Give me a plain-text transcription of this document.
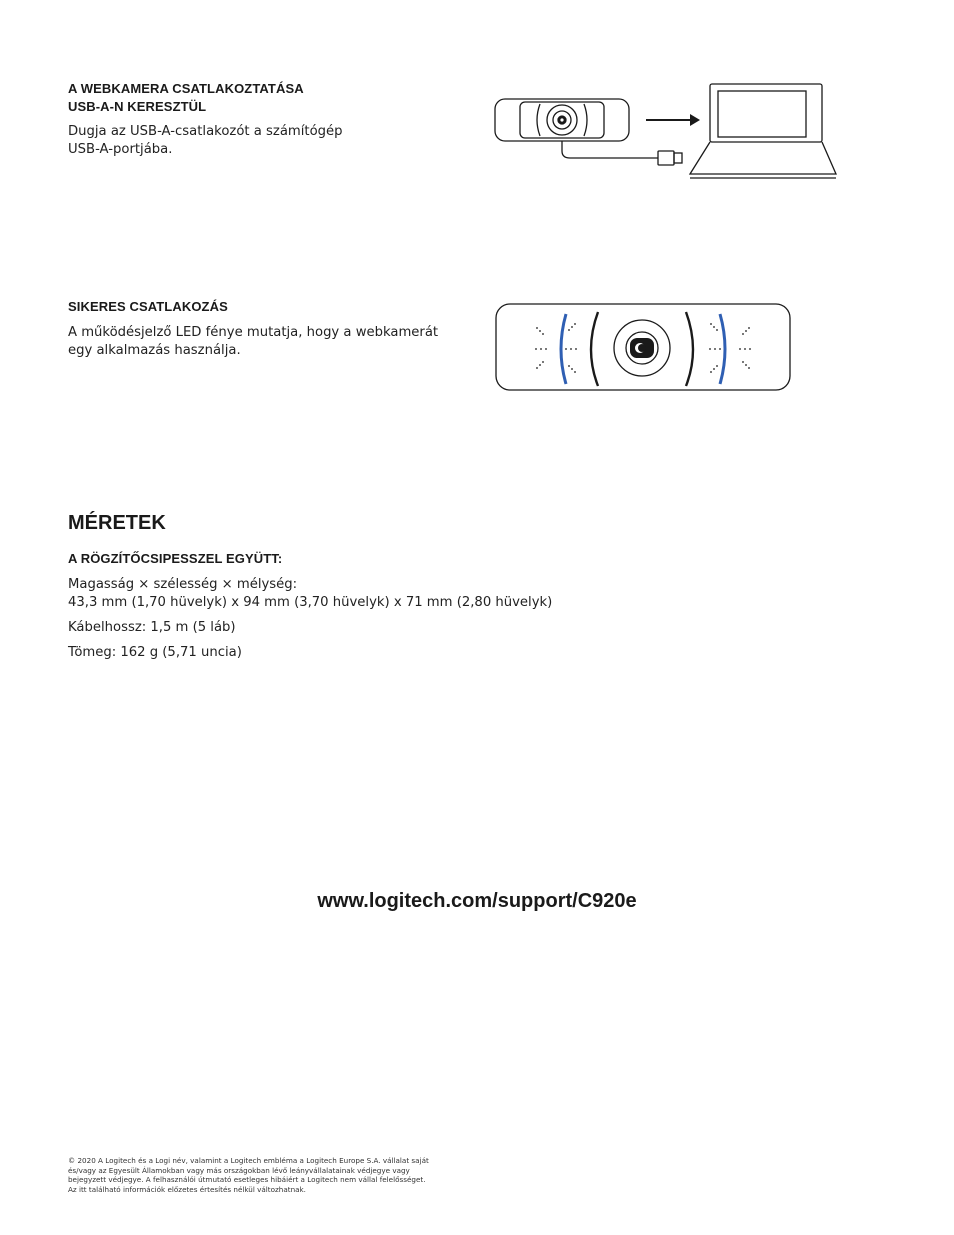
A WEBKAMERA CSATLAKOZTATÁSA

USB-A-N KERESZTÜL

Dugja az USB-A-csatlakozót a számítógép

USB-A-portjába.

SIKERES CSATLAKOZÁS

A működésjelző LED fénye mutatja, hogy a webkamerát

egy alkalmazás használja.

MÉRETEK

A RÖGZÍTŐCSIPESSZEL EGYÜTT:

Magasság × szélesség × mélység:

43,3 mm (1,70 hüvelyk) x 94 mm (3,70 hüvelyk) x 71 mm (2,80 hüvelyk)

Kábelhossz: 1,5 m (5 láb)

Tömeg: 162 g (5,71 uncia)

www.logitech.com/support/C920e
© 2020 A Logitech és a Logi név, valamint a Logitech embléma a Logitech Europe S.A. vállalat saját
és/vagy az Egyesült Államokban vagy más országokban lévő leányvállalatainak védjegye vagy
bejegyzett védjegye. A felhasználói útmutató esetleges hibáiért a Logitech nem vállal felelősséget.
Az itt található információk előzetes értesítés nélkül változhatnak.
